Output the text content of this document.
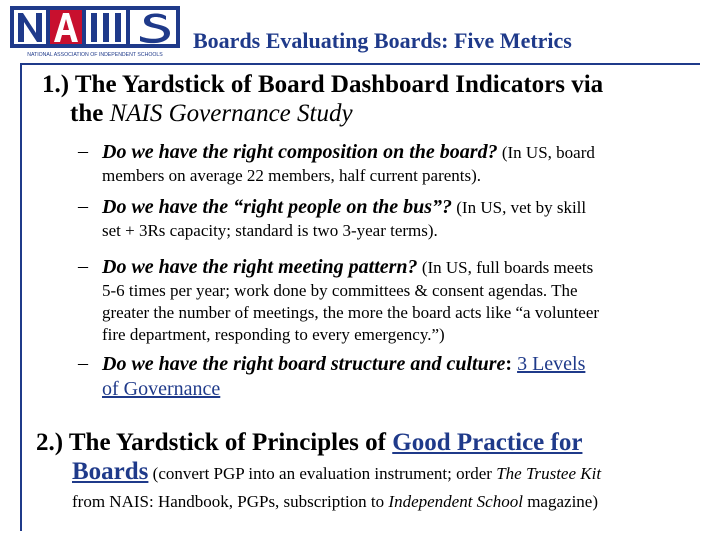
NATIONAL ASSOCIATION OF INDEPENDENT SCHOOLS
Boards Evaluating Boards: Five Metrics
1.) The Yardstick of Board Dashboard Indicators via
the NAIS Governance Study
– Do we have the right composition on the board? (In US, board
members on average 22 members, half current parents).
– Do we have the “right people on the bus”? (In US, vet by skill
set + 3Rs capacity; standard is two 3-year terms).
– Do we have the right meeting pattern? (In US, full boards meets
5-6 times per year; work done by committees & consent agendas. The
greater the number of meetings, the more the board acts like “a volunteer
fire department, responding to every emergency.”)
– Do we have the right board structure and culture: 3 Levels
of Governance
2.) The Yardstick of Principles of Good Practice for
Boards (convert PGP into an evaluation instrument; order The Trustee Kit
from NAIS: Handbook, PGPs, subscription to Independent School magazine)
